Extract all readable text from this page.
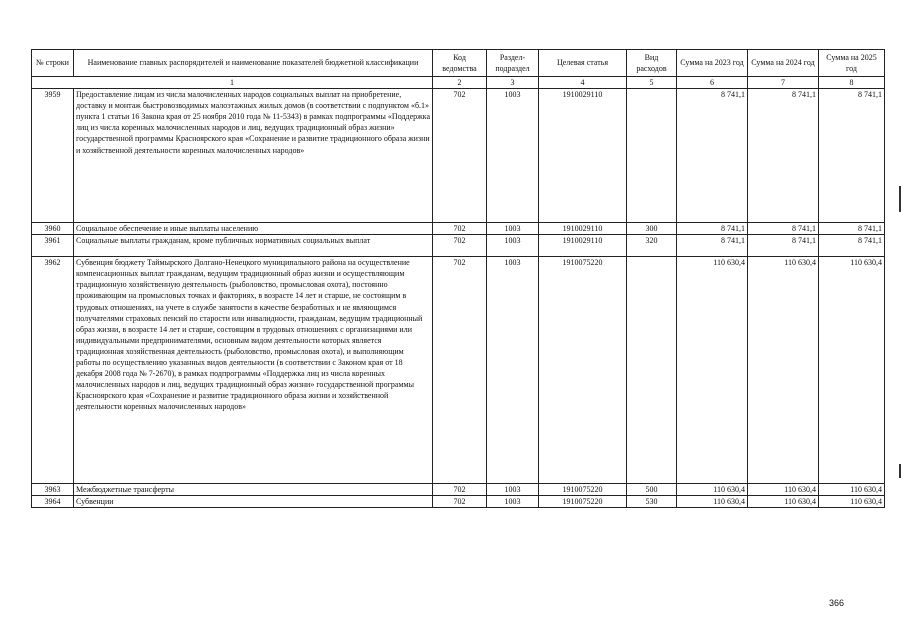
№ строки	Наименование главных распорядителей и наименование показателей бюджетной классификации	Код ведомства	Раздел-подраздел	Целевая статья	Вид расходов	Сумма на 2023 год	Сумма на 2024 год	Сумма на 2025 год
1		2	3	4	5	6	7	8
3959	Предоставление лицам из числа малочисленных народов социальных выплат на приобретение, доставку и монтаж быстровозводимых малоэтажных жилых домов (в соответствии с подпунктом «б.1» пункта 1 статьи 16 Закона края от 25 ноября 2010 года № 11-5343) в рамках подпрограммы «Поддержка лиц из числа коренных малочисленных народов и лиц, ведущих традиционный образ жизни» государственной программы Красноярского края «Сохранение и развитие традиционного образа жизни и хозяйственной деятельности коренных малочисленных народов»	702	1003	1910029110		8 741,1	8 741,1	8 741,1
3960	Социальное обеспечение и иные выплаты населению	702	1003	1910029110	300	8 741,1	8 741,1	8 741,1
3961	Социальные выплаты гражданам, кроме публичных нормативных социальных выплат	702	1003	1910029110	320	8 741,1	8 741,1	8 741,1
3962	Субвенция бюджету Таймырского Долгано-Ненецкого муниципального района на осуществление компенсационных выплат гражданам, ведущим традиционный образ жизни и осуществляющим традиционную хозяйственную деятельность (рыболовство, промысловая охота), постоянно проживающим на промысловых точках и факториях, в возрасте 14 лет и старше, не состоящим в трудовых отношениях, на учете в службе занятости в качестве безработных и не являющимся получателями страховых пенсий по старости или инвалидности, гражданам, ведущим традиционный образ жизни, в возрасте 14 лет и старше, состоящим в трудовых отношениях с организациями или индивидуальными предпринимателями, основным видом деятельности которых является традиционная хозяйственная деятельность (рыболовство, промысловая охота), и выполняющим работы по осуществлению указанных видов деятельности (в соответствии с Законом края от 18 декабря 2008 года № 7-2670), в рамках подпрограммы «Поддержка лиц из числа коренных малочисленных народов и лиц, ведущих традиционный образ жизни» государственной программы Красноярского края «Сохранение и развитие традиционного образа жизни и хозяйственной деятельности коренных малочисленных народов»	702	1003	1910075220		110 630,4	110 630,4	110 630,4
3963	Межбюджетные трансферты	702	1003	1910075220	500	110 630,4	110 630,4	110 630,4
3964	Субвенции	702	1003	1910075220	530	110 630,4	110 630,4	110 630,4
366
